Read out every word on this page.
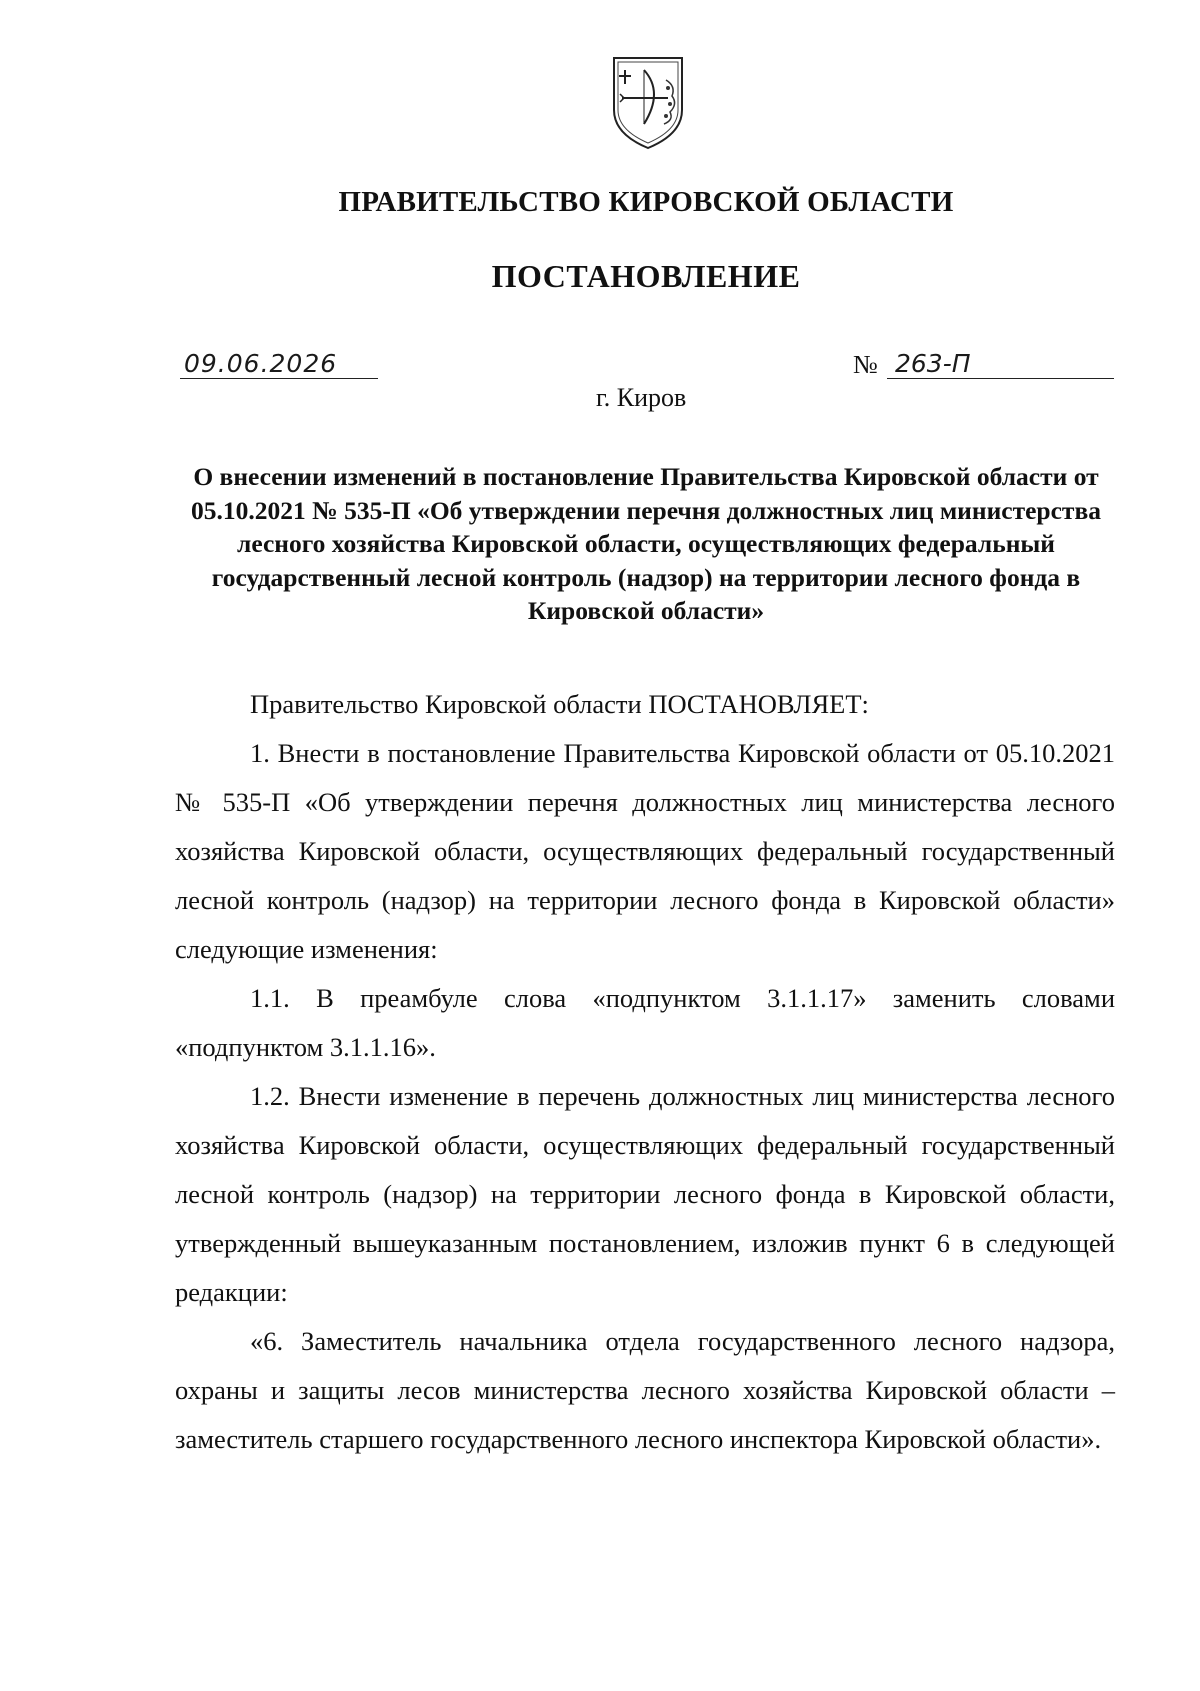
ПРАВИТЕЛЬСТВО КИРОВСКОЙ ОБЛАСТИ
ПОСТАНОВЛЕНИЕ
09.06.2026	№ 263-П
г. Киров
О внесении изменений в постановление Правительства Кировской области от 05.10.2021 № 535-П «Об утверждении перечня должностных лиц министерства лесного хозяйства Кировской области, осуществляющих федеральный государственный лесной контроль (надзор) на территории лесного фонда в Кировской области»

Правительство Кировской области ПОСТАНОВЛЯЕТ:

1. Внести в постановление Правительства Кировской области от 05.10.2021 № 535-П «Об утверждении перечня должностных лиц министерства лесного хозяйства Кировской области, осуществляющих федеральный государственный лесной контроль (надзор) на территории лесного фонда в Кировской области» следующие изменения:

1.1. В преамбуле слова «подпунктом 3.1.1.17» заменить словами «подпунктом 3.1.1.16».

1.2. Внести изменение в перечень должностных лиц министерства лесного хозяйства Кировской области, осуществляющих федеральный государственный лесной контроль (надзор) на территории лесного фонда в Кировской области, утвержденный вышеуказанным постановлением, изложив пункт 6 в следующей редакции:

«6. Заместитель начальника отдела государственного лесного надзора, охраны и защиты лесов министерства лесного хозяйства Кировской области – заместитель старшего государственного лесного инспектора Кировской области».
